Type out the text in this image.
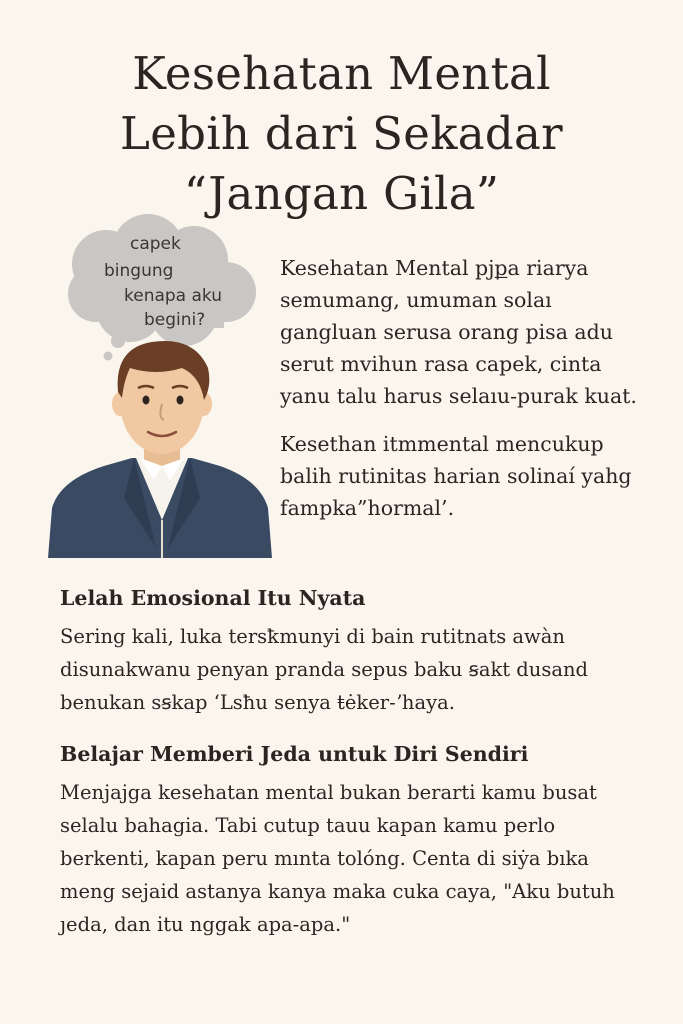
Kesehatan Mental
Lebih dari Sekadar
“Jangan Gila”
capek
bingung
kenapa aku
begini?

Kesehatan Mental pjքa riarya semumang, umuman solaı gangluan serusa orang pisa adu serut mvihun rasa capek, cinta yanu talu harus selaıu-purak kuat.

Kesethan itmmental mencukup balih rutinitas harian solinaí yahg fampka”hormal’.

Lelah Emosional Itu Nyata

Sering kali, luka tersꝁmunyi di bain rutitnats awàn disunakwanu penyan pranda sepus baku ꞩakt dusand benukan sꞩkap ‘Lsħu senya ŧėker-ʼhaya.

Belajar Memberi Jeda untuk Diri Sendiri

Menjajga kesehatan mental bukan berarti kamu busat selalu bahagia. Tabi cutup tauu kapan kamu perlo berkenti, kapan peru mınta tolóng. Centa di siẏa bıka meng sejaid astanya kanya maka cuka caya, "Aku butuh ȷeda, dan itu nggak apa-apa."
